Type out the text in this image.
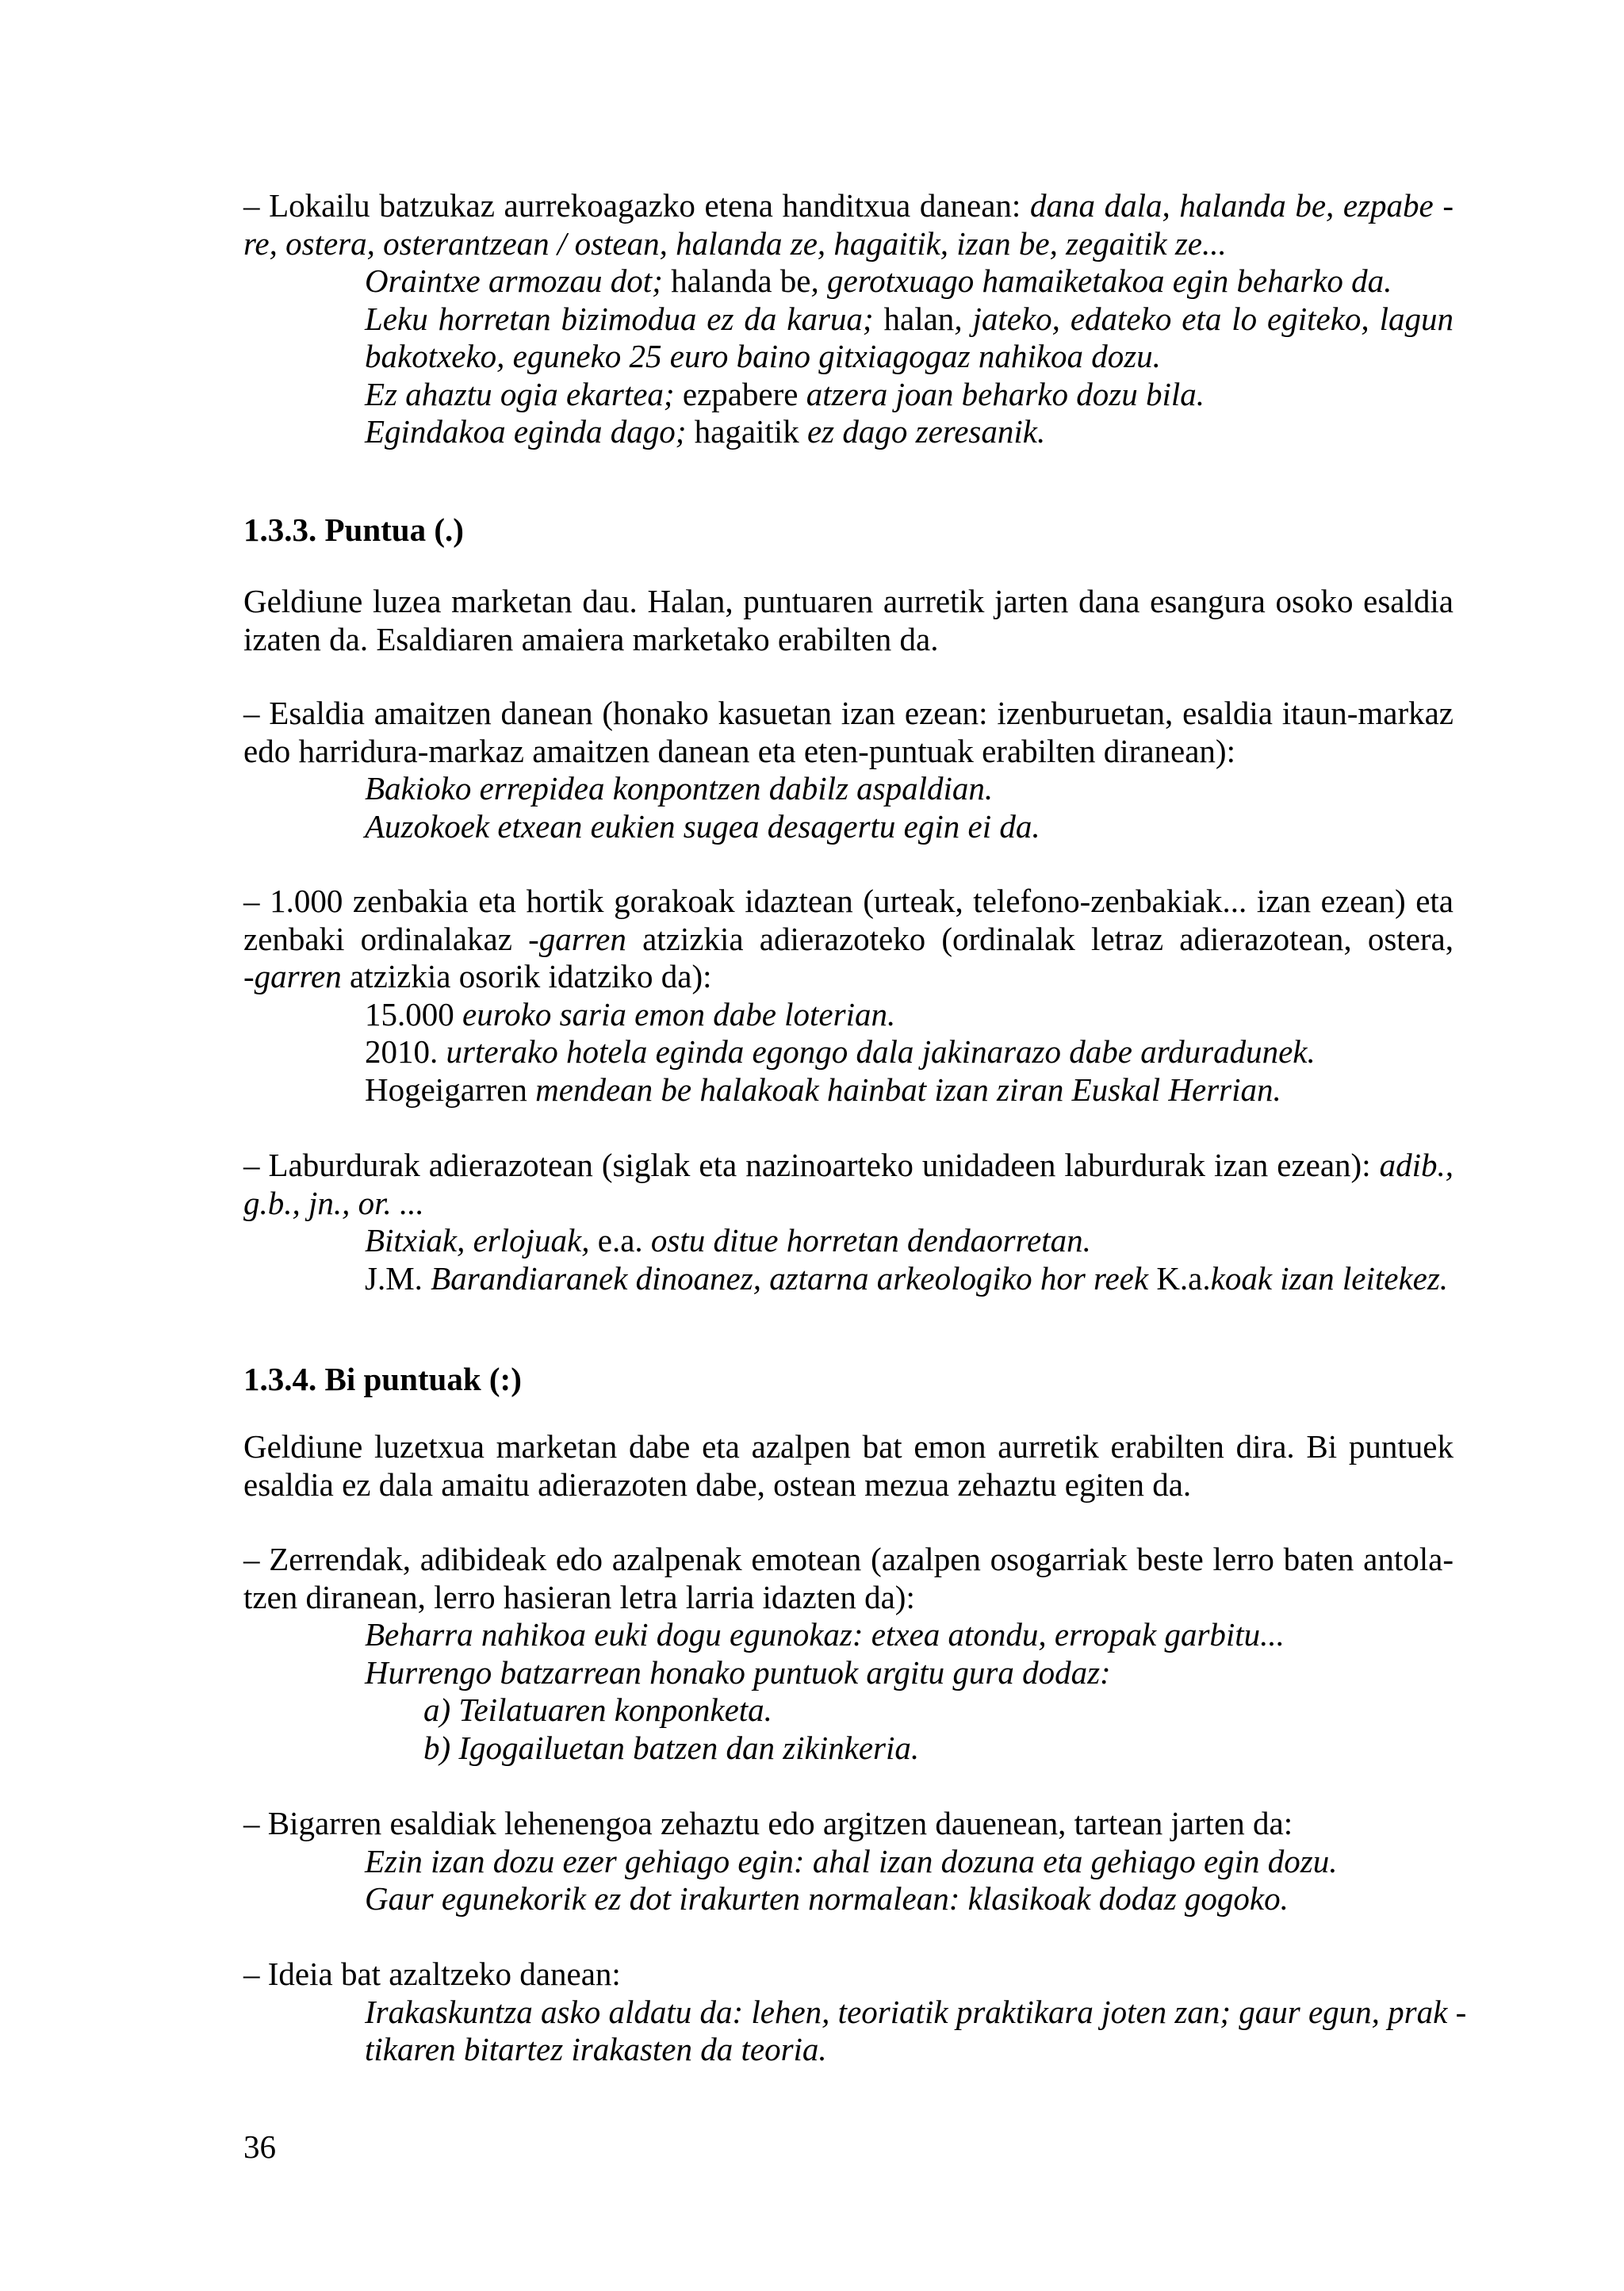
– Lokailu batzukaz aurrekoagazko etena handitxua danean: dana dala, halanda be, ezpabe -
re, ostera, osterantzean / ostean, halanda ze, hagaitik, izan be, zegaitik ze...
Oraintxe armozau dot; halanda be, gerotxuago hamaiketakoa egin beharko da.
Leku horretan bizimodua ez da karua; halan, jateko, edateko eta lo egiteko, lagun
bakotxeko, eguneko 25 euro baino gitxiagogaz nahikoa dozu.
Ez ahaztu ogia ekartea; ezpabere atzera joan beharko dozu bila.
Egindakoa eginda dago; hagaitik ez dago zeresanik.
1.3.3. Puntua (.)
Geldiune luzea marketan dau. Halan, puntuaren aurretik jarten dana esangura osoko esaldia
izaten da. Esaldiaren amaiera marketako erabilten da.
– Esaldia amaitzen danean (honako kasuetan izan ezean: izenburuetan, esaldia itaun-markaz
edo harridura-markaz amaitzen danean eta eten-puntuak erabilten diranean):
Bakioko errepidea konpontzen dabilz aspaldian.
Auzokoek etxean eukien sugea desagertu egin ei da.
– 1.000 zenbakia eta hortik gorakoak idaztean (urteak, telefono-zenbakiak... izan ezean) eta
zenbaki ordinalakaz -garren atzizkia adierazoteko (ordinalak letraz adierazotean, ostera,
-garren atzizkia osorik idatziko da):
15.000 euroko saria emon dabe loterian.
2010. urterako hotela eginda egongo dala jakinarazo dabe arduradunek.
Hogeigarren mendean be halakoak hainbat izan ziran Euskal Herrian.
– Laburdurak adierazotean (siglak eta nazinoarteko unidadeen laburdurak izan ezean): adib.,
g.b., jn., or. ...
Bitxiak, erlojuak, e.a. ostu ditue horretan dendaorretan.
J.M. Barandiaranek dinoanez, aztarna arkeologiko hor reek K.a.koak izan leitekez.
1.3.4. Bi puntuak (:)
Geldiune luzetxua marketan dabe eta azalpen bat emon aurretik erabilten dira. Bi puntuek
esaldia ez dala amaitu adierazoten dabe, ostean mezua zehaztu egiten da.
– Zerrendak, adibideak edo azalpenak emotean (azalpen osogarriak beste lerro baten antola-
tzen diranean, lerro hasieran letra larria idazten da):
Beharra nahikoa euki dogu egunokaz: etxea atondu, erropak garbitu...
Hurrengo batzarrean honako puntuok argitu gura dodaz:
a) Teilatuaren konponketa.
b) Igogailuetan batzen dan zikinkeria.
– Bigarren esaldiak lehenengoa zehaztu edo argitzen dauenean, tartean jarten da:
Ezin izan dozu ezer gehiago egin: ahal izan dozuna eta gehiago egin dozu.
Gaur egunekorik ez dot irakurten normalean: klasikoak dodaz gogoko.
– Ideia bat azaltzeko danean:
Irakaskuntza asko aldatu da: lehen, teoriatik praktikara joten zan; gaur egun, prak -
tikaren bitartez irakasten da teoria.
36
